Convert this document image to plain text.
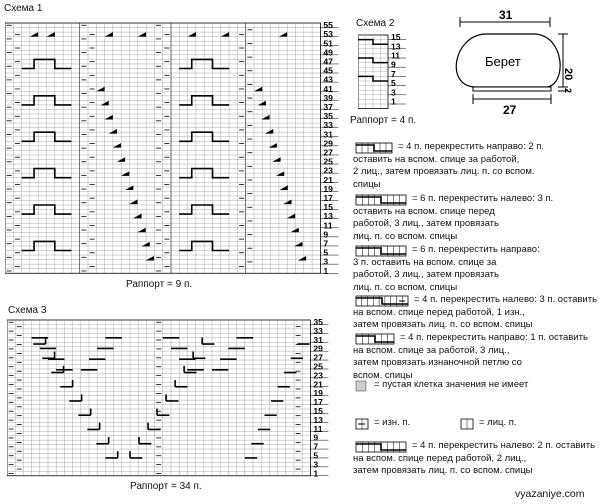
Схема 1
55
53
51
49
47
45
43
41
39
37
35
33
31
29
27
25
23
21
19
17
15
13
11
9
7
5
3
1
Раппорт = 9 п.
Схема 2
15
13
11
9
7
5
3
1
Раппорт = 4 п.
31
Берет
20
2
27
Схема 3
35
33
31
29
27
25
23
21
19
17
15
13
11
9
7
5
3
1
Раппорт = 34 п.
= 4 п. перекрестить направо: 2 п.
оставить на вспом. спице за работой,
2 лиц., затем провязать лиц. п. со вспом.
спицы
= 6 п. перекрестить налево: 3 п.
оставить на вспом. спице перед
работой, 3 лиц., затем провязать
лиц. п. со вспом. спицы
= 6 п. перекрестить направо:
3 п. оставить на вспом. спице за
работой, 3 лиц., затем провязать
лиц. п. со вспом. спицы
= 4 п. перекрестить налево: 3 п. оставить
на вспом. спице перед работой, 1 изн.,
затем провязать лиц. п. со вспом. спицы
= 4 п. перекрестить направо: 1 п. оставить
на вспом. спице за работой, 3 лиц.,
затем провязать изнаночной петлю со
вспом. спицы
= пустая клетка значения не имеет
= изн. п.	= лиц. п.
= 4 п. перекрестить налево: 2 п. оставить
на вспом. спице перед работой, 2 лиц.,
затем провязать лиц. п. со вспом. спицы
vyazaniye.com
